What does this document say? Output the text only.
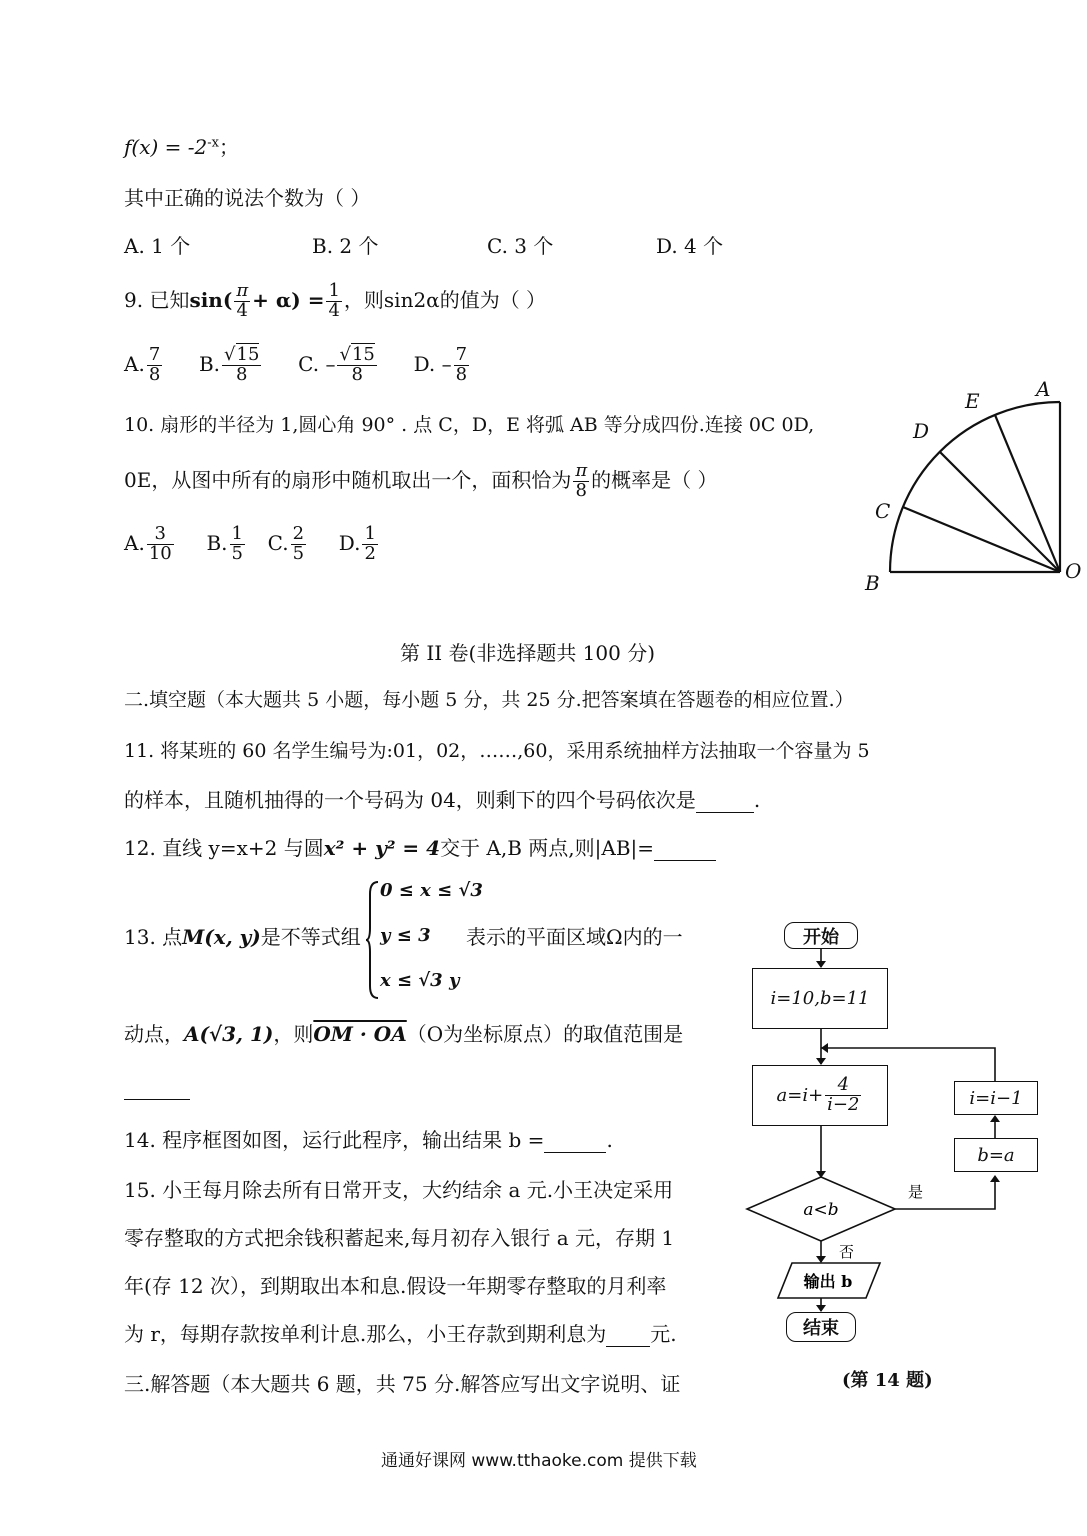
$f(x) = -2^{-x}$；
其中正确的说法个数为（ ）
A. 1 个	B. 2 个	C. 3 个	D. 4 个
9. 已知$\sin( \frac{\pi}{4} + \alpha) = \frac{1}{4}$ ，则sin2α的值为（ ）
A. $\frac{7}{8} B$. $\frac{√15}{8} C$. – $\frac{√15}{8} D$. – $\frac{7}{8}$
10. 扇形的半径为 1,圆心角 90° . 点 C，D，E 将弧 AB 等分成四份.连接 0C 0D,
0E，从图中所有的扇形中随机取出一个，面积恰为 $\frac{\pi}{8}$ 的概率是（ ）
A. $\frac{3}{10} B$. $\frac{1}{5} C$. $\frac{2}{5} D$. $\frac{1}{2}$
A
B
C
D
E
O
第 II 卷(非选择题共 100 分)
二.填空题（本大题共 5 小题，每小题 5 分，共 25 分.把答案填在答题卷的相应位置.）
11. 将某班的 60 名学生编号为:01，02，……,60，采用系统抽样方法抽取一个容量为 5
的样本，且随机抽得的一个号码为 04，则剩下的四个号码依次是	.
12. 直线 y=x+2 与圆x² + y² = 4交于 A,B 两点,则|AB|=
13. 点M(x, y)是不等式组
0 ≤ x ≤ √3
y ≤ 3
x ≤ √3 y
表示的平面区域Ω内的一
动点，A(√3, 1)，则OM · OA（O为坐标原点）的取值范围是
14. 程序框图如图，运行此程序，输出结果 b =	.
15. 小王每月除去所有日常开支，大约结余 a 元.小王决定采用
零存整取的方式把余钱积蓄起来,每月初存入银行 a 元，存期 1
年(存 12 次），到期取出本和息.假设一年期零存整取的月利率
为 r，每期存款按单利计息.那么，小王存款到期利息为 元.
三.解答题（本大题共 6 题，共 75 分.解答应写出文字说明、证
a<b
输出 b
是
否
开始
i=10,b=11
$a=i+ \frac{4}{i-2}$	i=i−1
b=a
结束
(第 14 题)
通通好课网 www.tthaoke.com 提供下载
